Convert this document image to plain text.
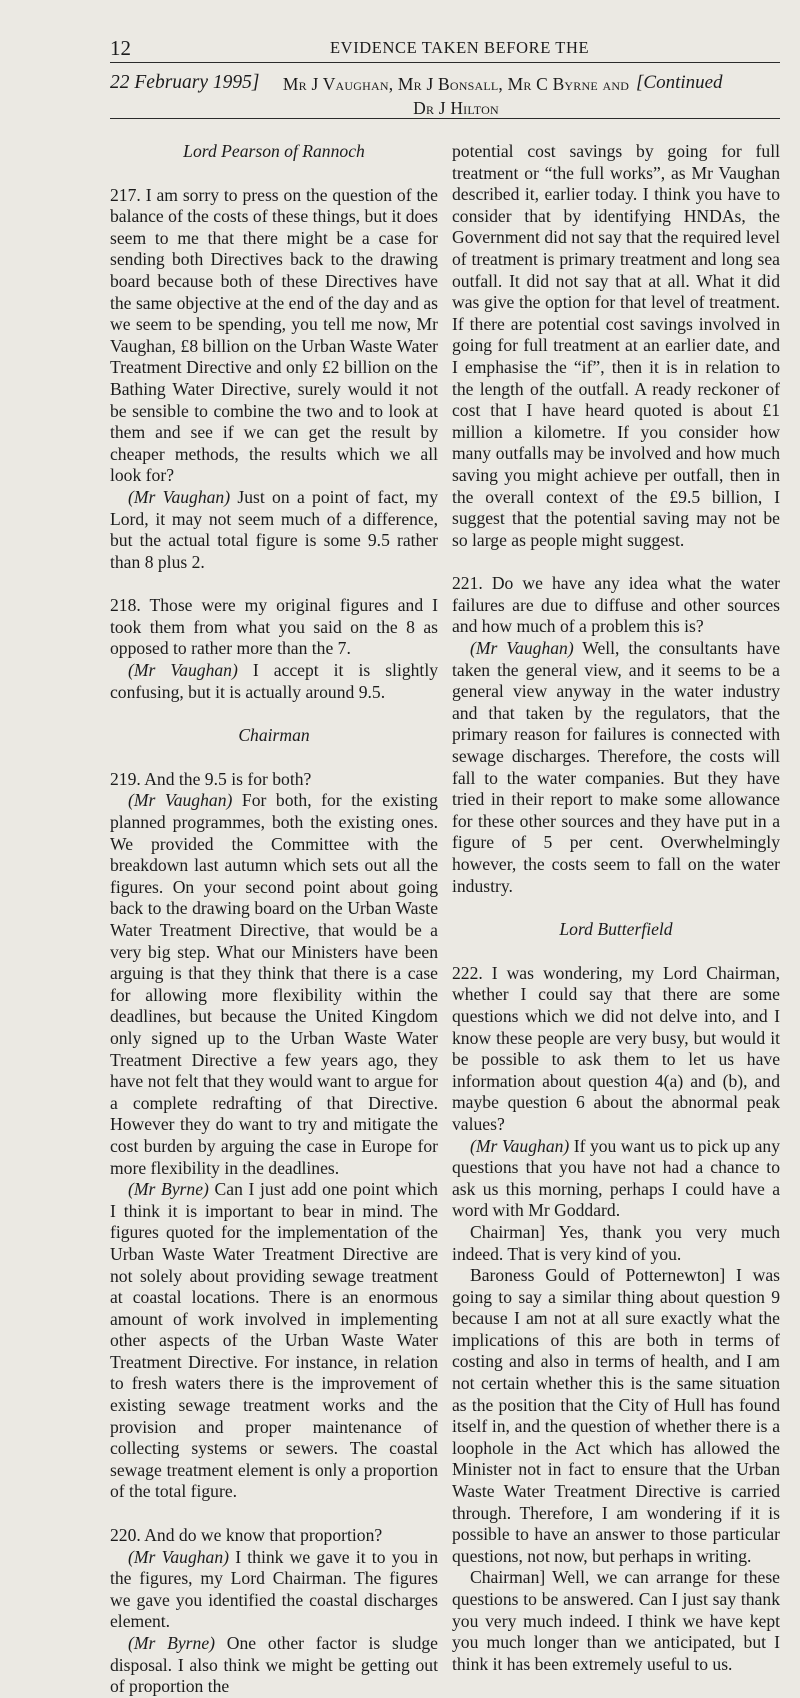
12	EVIDENCE TAKEN BEFORE THE
22 February 1995] Mr J Vaughan, Mr J Bonsall, Mr C Byrne and Dr J Hilton
[Continued

Lord Pearson of Rannoch

217. I am sorry to press on the question of the balance of the costs of these things, but it does seem to me that there might be a case for sending both Directives back to the drawing board because both of these Directives have the same objective at the end of the day and as we seem to be spending, you tell me now, Mr Vaughan, £8 billion on the Urban Waste Water Treatment Directive and only £2 billion on the Bathing Water Directive, surely would it not be sensible to combine the two and to look at them and see if we can get the result by cheaper methods, the results which we all look for?

(Mr Vaughan) Just on a point of fact, my Lord, it may not seem much of a difference, but the actual total figure is some 9.5 rather than 8 plus 2.

218. Those were my original figures and I took them from what you said on the 8 as opposed to rather more than the 7.

(Mr Vaughan) I accept it is slightly confusing, but it is actually around 9.5.

Chairman

219. And the 9.5 is for both?

(Mr Vaughan) For both, for the existing planned programmes, both the existing ones. We provided the Committee with the breakdown last autumn which sets out all the figures. On your second point about going back to the drawing board on the Urban Waste Water Treatment Directive, that would be a very big step. What our Ministers have been arguing is that they think that there is a case for allowing more flexibility within the deadlines, but because the United Kingdom only signed up to the Urban Waste Water Treatment Directive a few years ago, they have not felt that they would want to argue for a complete redrafting of that Directive. However they do want to try and mitigate the cost burden by arguing the case in Europe for more flexibility in the deadlines.

(Mr Byrne) Can I just add one point which I think it is important to bear in mind. The figures quoted for the implementation of the Urban Waste Water Treatment Directive are not solely about providing sewage treatment at coastal locations. There is an enormous amount of work involved in implementing other aspects of the Urban Waste Water Treatment Directive. For instance, in relation to fresh waters there is the improvement of existing sewage treatment works and the provision and proper maintenance of collecting systems or sewers. The coastal sewage treatment element is only a proportion of the total figure.

220. And do we know that proportion?

(Mr Vaughan) I think we gave it to you in the figures, my Lord Chairman. The figures we gave you identified the coastal discharges element.

(Mr Byrne) One other factor is sludge disposal. I also think we might be getting out of proportion the

potential cost savings by going for full treatment or “the full works”, as Mr Vaughan described it, earlier today. I think you have to consider that by identifying HNDAs, the Government did not say that the required level of treatment is primary treatment and long sea outfall. It did not say that at all. What it did was give the option for that level of treatment. If there are potential cost savings involved in going for full treatment at an earlier date, and I emphasise the “if”, then it is in relation to the length of the outfall. A ready reckoner of cost that I have heard quoted is about £1 million a kilometre. If you consider how many outfalls may be involved and how much saving you might achieve per outfall, then in the overall context of the £9.5 billion, I suggest that the potential saving may not be so large as people might suggest.

221. Do we have any idea what the water failures are due to diffuse and other sources and how much of a problem this is?

(Mr Vaughan) Well, the consultants have taken the general view, and it seems to be a general view anyway in the water industry and that taken by the regulators, that the primary reason for failures is connected with sewage discharges. Therefore, the costs will fall to the water companies. But they have tried in their report to make some allowance for these other sources and they have put in a figure of 5 per cent. Overwhelmingly however, the costs seem to fall on the water industry.

Lord Butterfield

222. I was wondering, my Lord Chairman, whether I could say that there are some questions which we did not delve into, and I know these people are very busy, but would it be possible to ask them to let us have information about question 4(a) and (b), and maybe question 6 about the abnormal peak values?

(Mr Vaughan) If you want us to pick up any questions that you have not had a chance to ask us this morning, perhaps I could have a word with Mr Goddard.

Chairman] Yes, thank you very much indeed. That is very kind of you.

Baroness Gould of Potternewton] I was going to say a similar thing about question 9 because I am not at all sure exactly what the implications of this are both in terms of costing and also in terms of health, and I am not certain whether this is the same situation as the position that the City of Hull has found itself in, and the question of whether there is a loophole in the Act which has allowed the Minister not in fact to ensure that the Urban Waste Water Treatment Directive is carried through. Therefore, I am wondering if it is possible to have an answer to those particular questions, not now, but perhaps in writing.

Chairman] Well, we can arrange for these questions to be answered. Can I just say thank you very much indeed. I think we have kept you much longer than we anticipated, but I think it has been extremely useful to us.
